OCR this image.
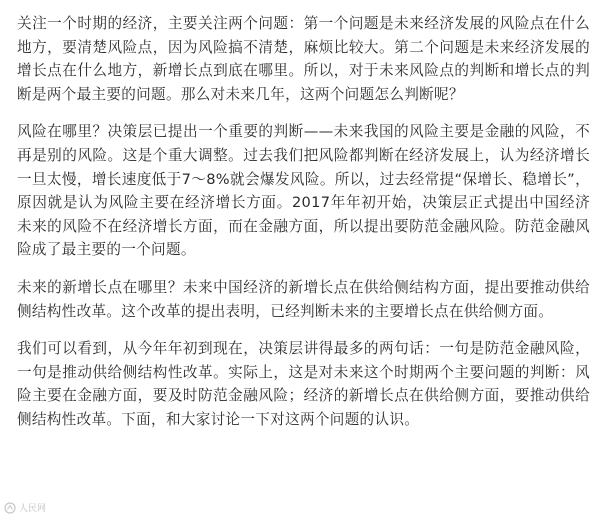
关注一个时期的经济，主要关注两个问题：第一个问题是未来经济发展的风险点在什么地方，要清楚风险点，因为风险搞不清楚，麻烦比较大。第二个问题是未来经济发展的增长点在什么地方，新增长点到底在哪里。所以，对于未来风险点的判断和增长点的判断是两个最主要的问题。那么对未来几年，这两个问题怎么判断呢？

风险在哪里？决策层已提出一个重要的判断——未来我国的风险主要是金融的风险，不再是别的风险。这是个重大调整。过去我们把风险都判断在经济发展上，认为经济增长一旦太慢，增长速度低于7～8%就会爆发风险。所以，过去经常提“保增长、稳增长”，原因就是认为风险主要在经济增长方面。2017年年初开始，决策层正式提出中国经济未来的风险不在经济增长方面，而在金融方面，所以提出要防范金融风险。防范金融风险成了最主要的一个问题。

未来的新增长点在哪里？未来中国经济的新增长点在供给侧结构方面，提出要推动供给侧结构性改革。这个改革的提出表明，已经判断未来的主要增长点在供给侧方面。

我们可以看到，从今年年初到现在，决策层讲得最多的两句话：一句是防范金融风险，一句是推动供给侧结构性改革。实际上，这是对未来这个时期两个主要问题的判断：风险主要在金融方面，要及时防范金融风险；经济的新增长点在供给侧方面，要推动供给侧结构性改革。下面，和大家讨论一下对这两个问题的认识。

人民网
